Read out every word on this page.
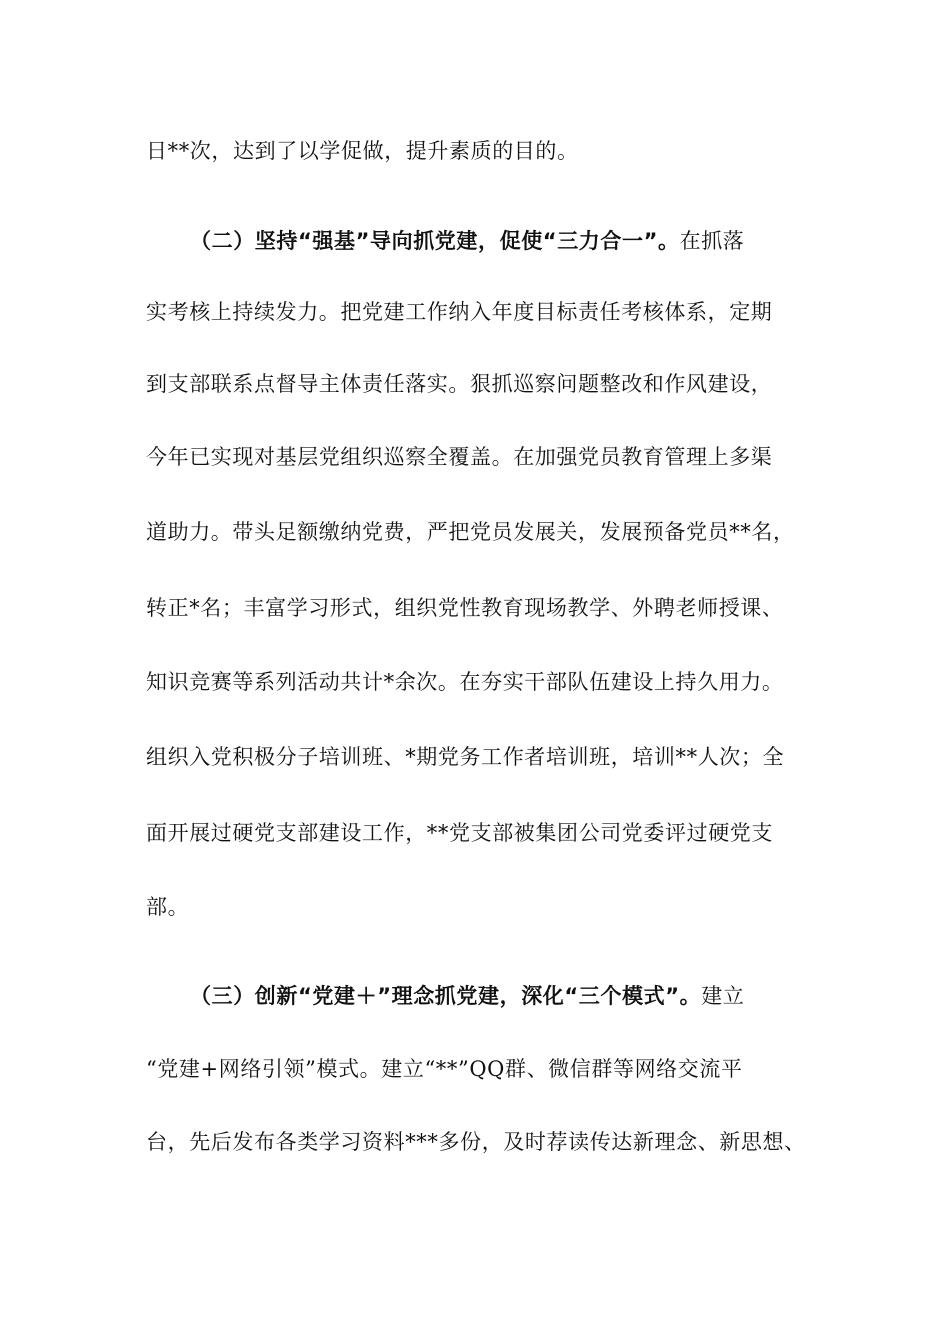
日**次，达到了以学促做，提升素质的目的。
（二）坚持“强基”导向抓党建，促使“三力合一”。在抓落
实考核上持续发力。把党建工作纳入年度目标责任考核体系，定期
到支部联系点督导主体责任落实。狠抓巡察问题整改和作风建设，
今年已实现对基层党组织巡察全覆盖。在加强党员教育管理上多渠
道助力。带头足额缴纳党费，严把党员发展关，发展预备党员**名，
转正*名；丰富学习形式，组织党性教育现场教学、外聘老师授课、
知识竞赛等系列活动共计*余次。在夯实干部队伍建设上持久用力。
组织入党积极分子培训班、*期党务工作者培训班，培训**人次；全
面开展过硬党支部建设工作，**党支部被集团公司党委评过硬党支
部。
（三）创新“党建＋”理念抓党建，深化“三个模式”。建立
“党建+网络引领”模式。建立“**”QQ群、微信群等网络交流平
台，先后发布各类学习资料***多份，及时荐读传达新理念、新思想、
